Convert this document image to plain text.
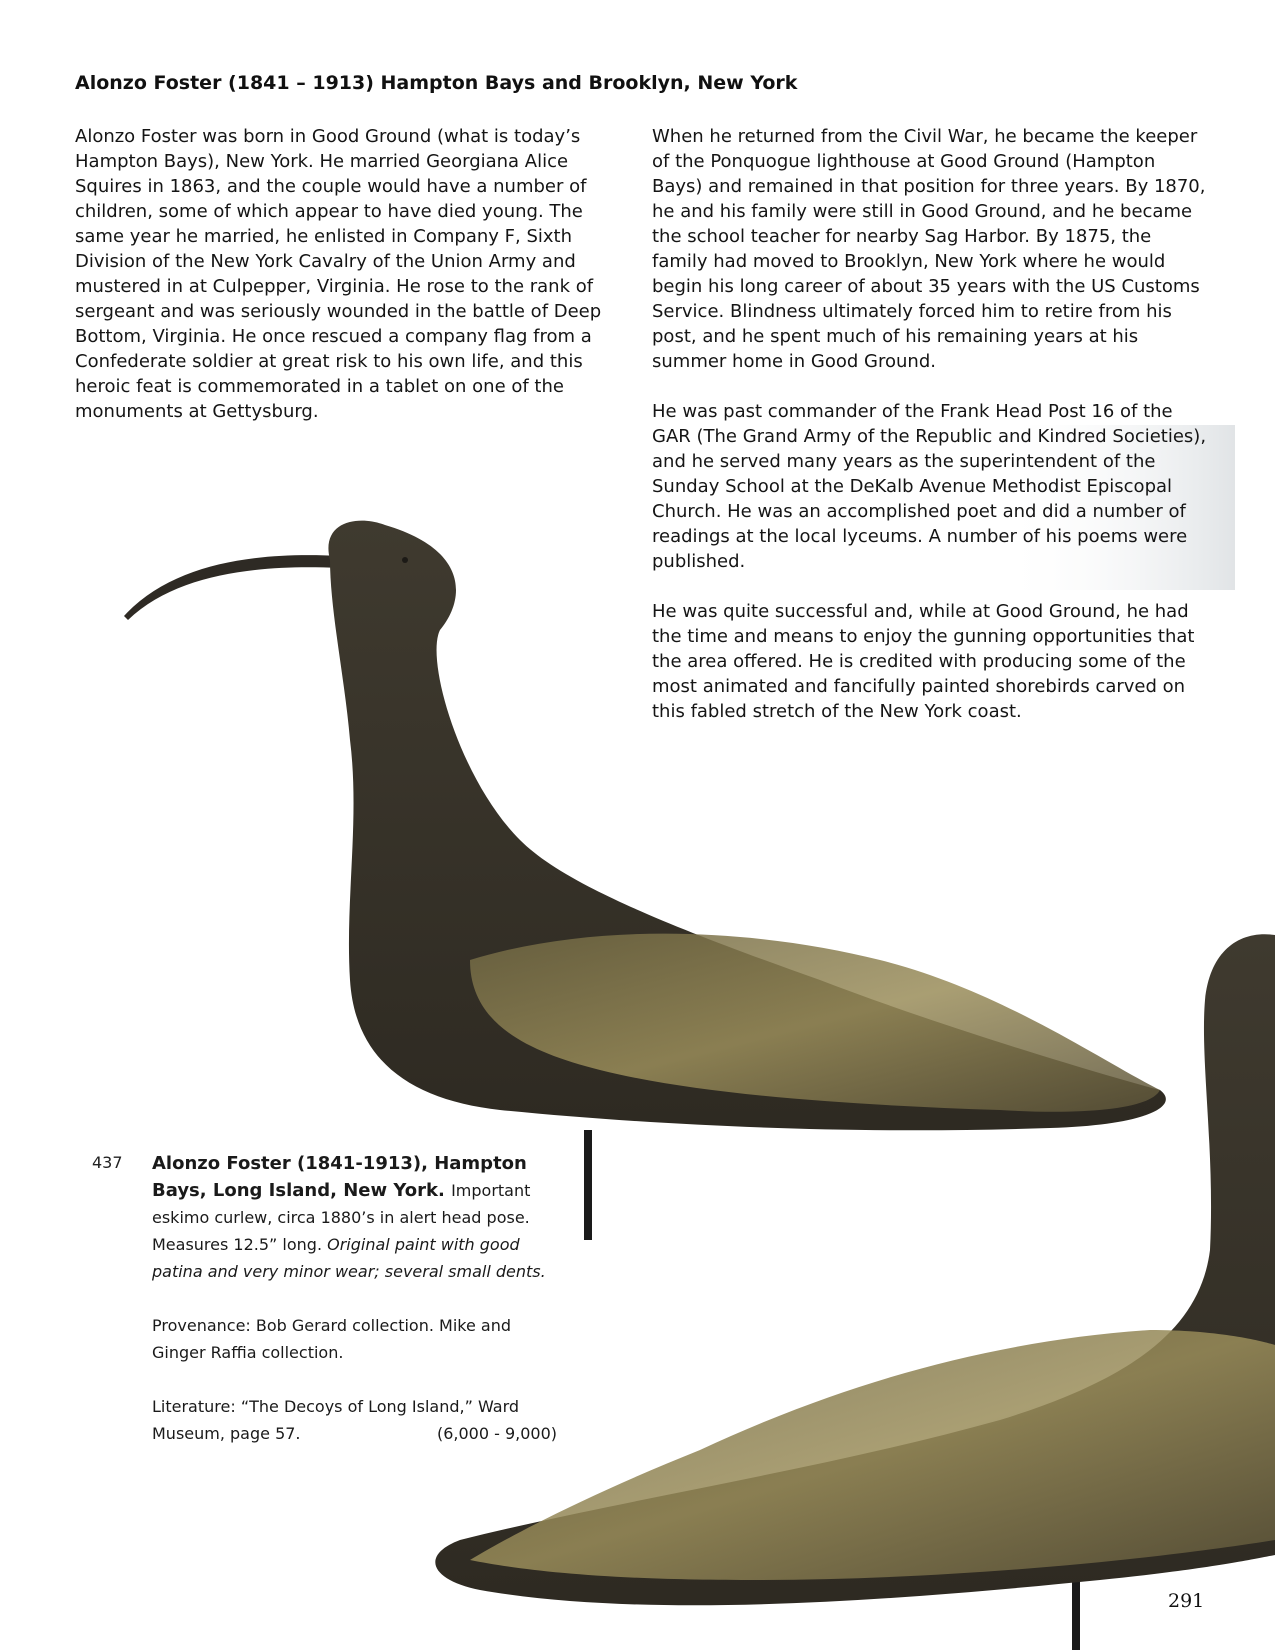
Alonzo Foster (1841 – 1913) Hampton Bays and Brooklyn, New York

Alonzo Foster was born in Good Ground (what is today’s Hampton Bays), New York. He married Georgiana Alice Squires in 1863, and the couple would have a number of children, some of which appear to have died young. The same year he married, he enlisted in Company F, Sixth Division of the New York Cavalry of the Union Army and mustered in at Culpepper, Virginia. He rose to the rank of sergeant and was seriously wounded in the battle of Deep Bottom, Virginia. He once rescued a company flag from a Confederate soldier at great risk to his own life, and this heroic feat is commemorated in a tablet on one of the monuments at Gettysburg.

When he returned from the Civil War, he became the keeper of the Ponquogue lighthouse at Good Ground (Hampton Bays) and remained in that position for three years. By 1870, he and his family were still in Good Ground, and he became the school teacher for nearby Sag Harbor. By 1875, the family had moved to Brooklyn, New York where he would begin his long career of about 35 years with the US Customs Service. Blindness ultimately forced him to retire from his post, and he spent much of his remaining years at his summer home in Good Ground.

He was past commander of the Frank Head Post 16 of the GAR (The Grand Army of the Republic and Kindred Societies), and he served many years as the superintendent of the Sunday School at the DeKalb Avenue Methodist Episcopal Church. He was an accomplished poet and did a number of readings at the local lyceums. A number of his poems were published.

He was quite successful and, while at Good Ground, he had the time and means to enjoy the gunning opportunities that the area offered. He is credited with producing some of the most animated and fancifully painted shorebirds carved on this fabled stretch of the New York coast.

437 Alonzo Foster (1841-1913), Hampton Bays, Long Island, New York. Important eskimo curlew, circa 1880’s in alert head pose. Measures 12.5” long. Original paint with good patina and very minor wear; several small dents.

Provenance: Bob Gerard collection. Mike and Ginger Raffia collection.

Literature: “The Decoys of Long Island,” Ward Museum, page 57.	(6,000 - 9,000)

291
